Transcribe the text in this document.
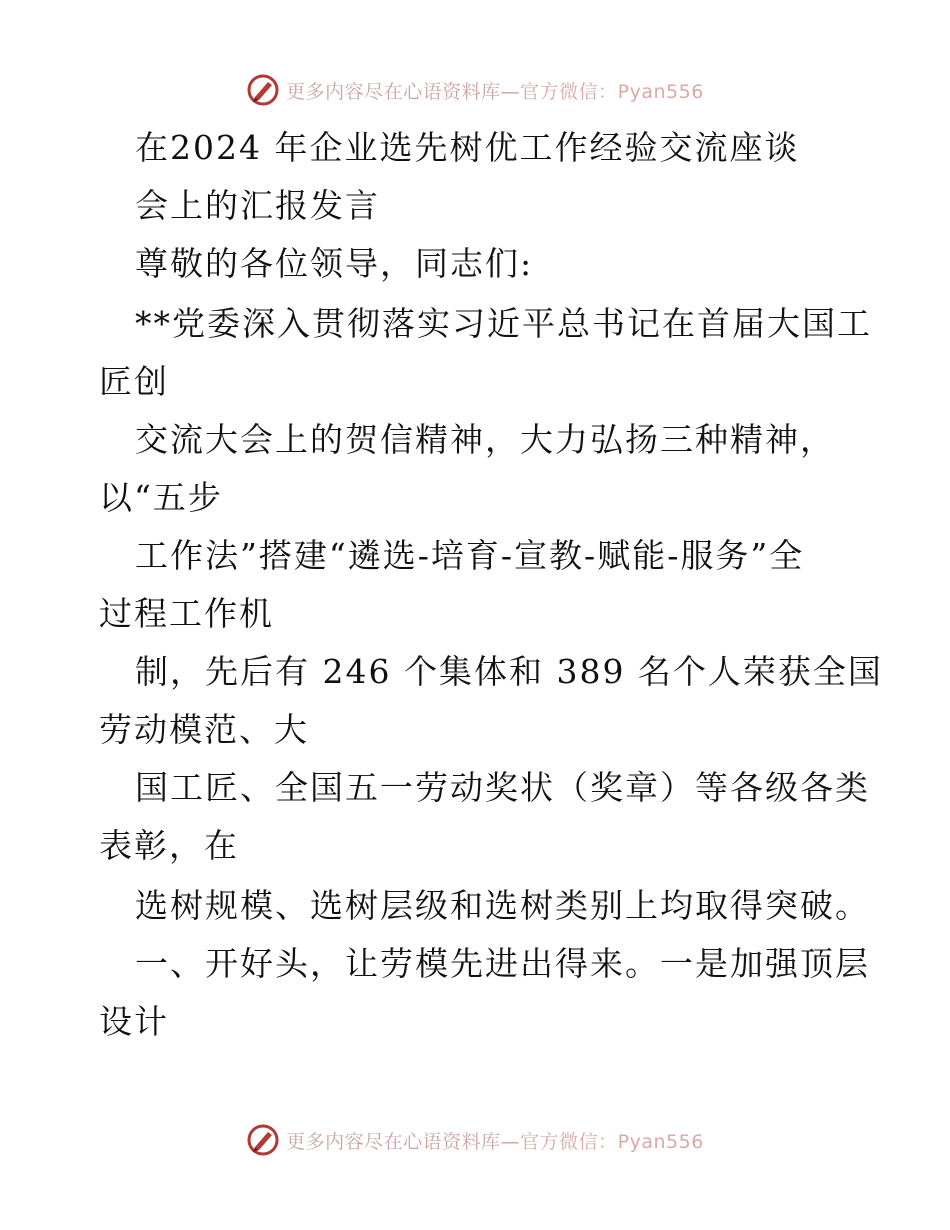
更多内容尽在心语资料库—官方微信：Pyan556
在2024 年企业选先树优工作经验交流座谈
会上的汇报发言
尊敬的各位领导，同志们:
**党委深入贯彻落实习近平总书记在首届大国工
匠创
交流大会上的贺信精神，大力弘扬三种精神，
以“五步
工作法”搭建“遴选-培育-宣教-赋能-服务”全
过程工作机
制，先后有 246 个集体和 389 名个人荣获全国
劳动模范、大
国工匠、全国五一劳动奖状（奖章）等各级各类
表彰，在
选树规模、选树层级和选树类别上均取得突破。
一、开好头，让劳模先进出得来。一是加强顶层
设计
更多内容尽在心语资料库—官方微信：Pyan556
